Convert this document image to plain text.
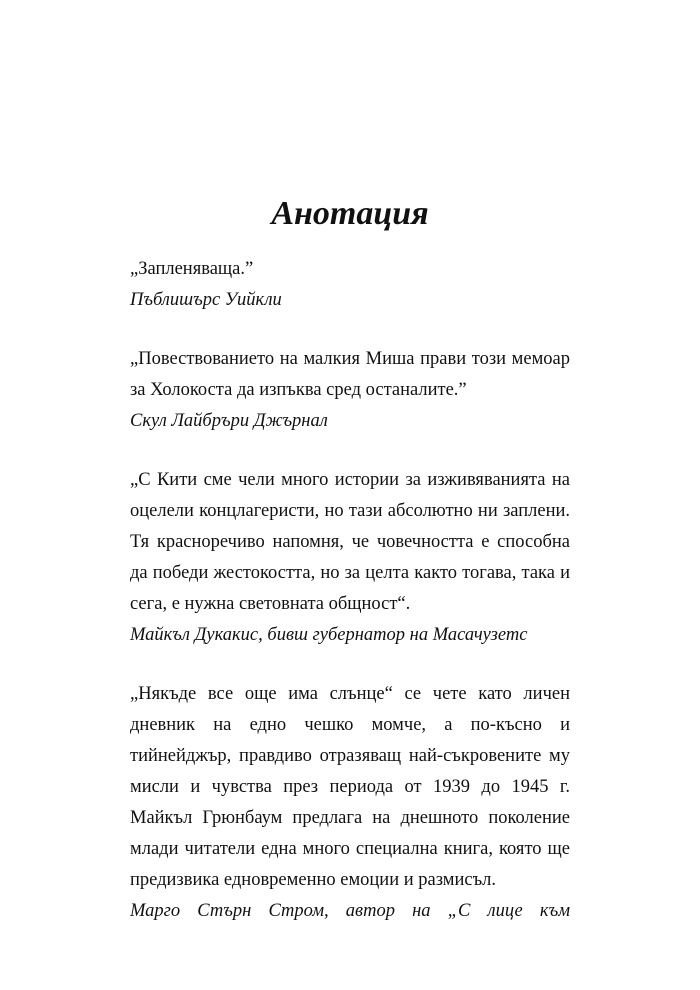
Анотация

„Запленяваща.”

Пъблишърс Уийкли

„Повествованието на малкия Миша прави този мемоар за Холокоста да изпъква сред останалите.”

Скул Лайбръри Джърнал

„С Кити сме чели много истории за изживяванията на оцелели концлагеристи, но тази абсолютно ни заплени. Тя красноречиво напомня, че човечността е способна да победи жестокостта, но за целта както тогава, така и сега, е нужна световната общност“.

Майкъл Дукакис, бивш губернатор на Масачузетс

„Някъде все още има слънце“ се чете като личен дневник на едно чешко момче, а по-късно и тийнейджър, правдиво отразяващ най-съкровените му мисли и чувства през периода от 1939 до 1945 г. Майкъл Грюнбаум предлага на днешното поколение млади читатели една много специална книга, която ще предизвика едновременно емоции и размисъл.

Марго Стърн Стром, автор на „С лице към
